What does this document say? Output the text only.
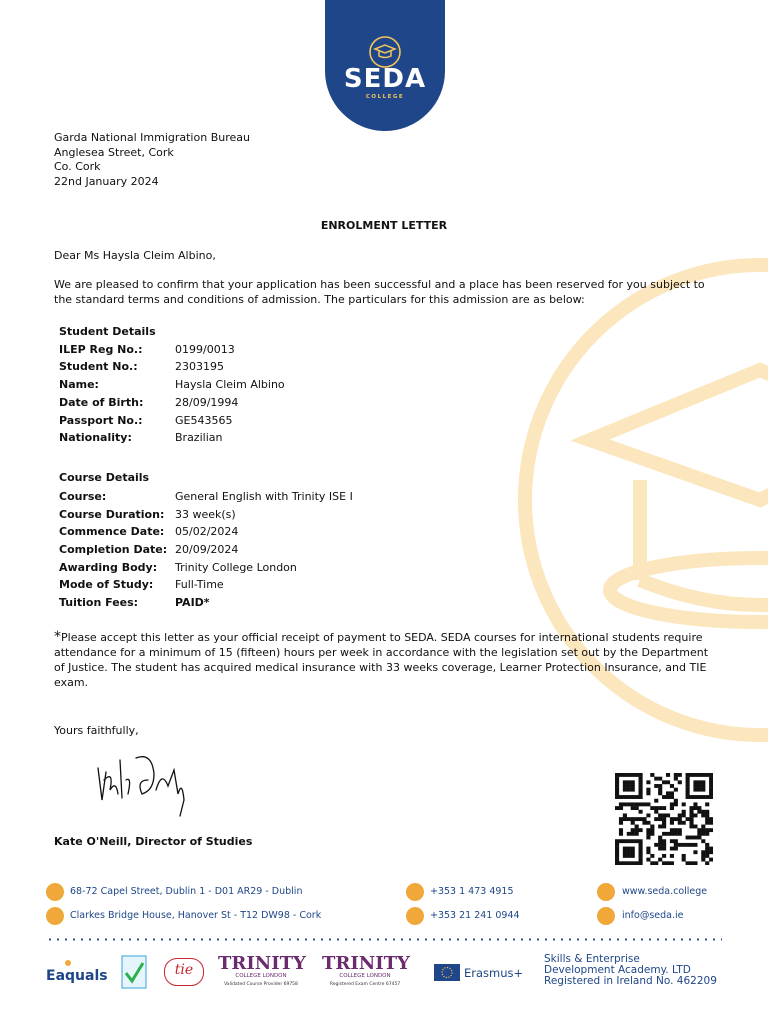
SEDA
COLLEGE
Garda National Immigration Bureau
Anglesea Street, Cork
Co. Cork
22nd January 2024
ENROLMENT LETTER

Dear Ms Haysla Cleim Albino,

We are pleased to confirm that your application has been successful and a place has been reserved for you subject to the standard terms and conditions of admission. The particulars for this admission are as below:

Student Details
ILEP Reg No.:	0199/0013
Student No.:	2303195
Name:	Haysla Cleim Albino
Date of Birth:	28/09/1994
Passport No.:	GE543565
Nationality:	Brazilian
Course Details
Course:	General English with Trinity ISE I
Course Duration: 33 week(s)
Commence Date: 05/02/2024
Completion Date: 20/09/2024
Awarding Body: Trinity College London
Mode of Study: Full-Time
Tuition Fees:	PAID*

*Please accept this letter as your official receipt of payment to SEDA. SEDA courses for international students require attendance for a minimum of 15 (fifteen) hours per week in accordance with the legislation set out by the Department of Justice. The student has acquired medical insurance with 33 weeks coverage, Learner Protection Insurance, and TIE exam.

Yours faithfully,

Kate O'Neill, Director of Studies
68-72 Capel Street, Dublin 1 - D01 AR29 - Dublin
Clarkes Bridge House, Hanover St - T12 DW98 - Cork
+353 1 473 4915
+353 21 241 0944
www.seda.college
info@seda.ie
Eaquals	tie	TRINITY
COLLEGE LONDON
Validated Course Provider 69758
TRINITY
COLLEGE LONDON
Registered Exam Centre 67457
Erasmus+
Skills & Enterprise
Development Academy. LTD
Registered in Ireland No. 462209
